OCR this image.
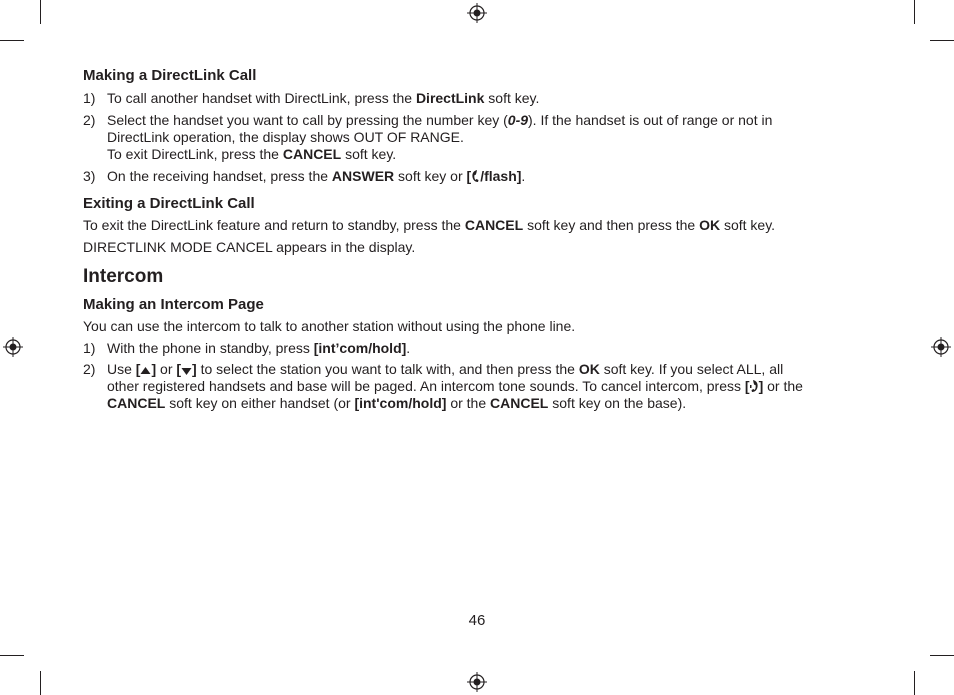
Making a DirectLink Call
1) To call another handset with DirectLink, press the DirectLink soft key.
2) Select the handset you want to call by pressing the number key (0-9). If the handset is out of range or not in
DirectLink operation, the display shows OUT OF RANGE.
To exit DirectLink, press the CANCEL soft key.
3) On the receiving handset, press the ANSWER soft key or [ /flash].
Exiting a DirectLink Call

To exit the DirectLink feature and return to standby, press the CANCEL soft key and then press the OK soft key.

DIRECTLINK MODE CANCEL appears in the display.

Intercom
Making an Intercom Page

You can use the intercom to talk to another station without using the phone line.

1) With the phone in standby, press [int’com/hold].
2) Use [ ] or [ ] to select the station you want to talk with, and then press the OK soft key. If you select ALL, all
other registered handsets and base will be paged. An intercom tone sounds. To cancel intercom, press [ ] or the
CANCEL soft key on either handset (or [int'com/hold] or the CANCEL soft key on the base).
46
